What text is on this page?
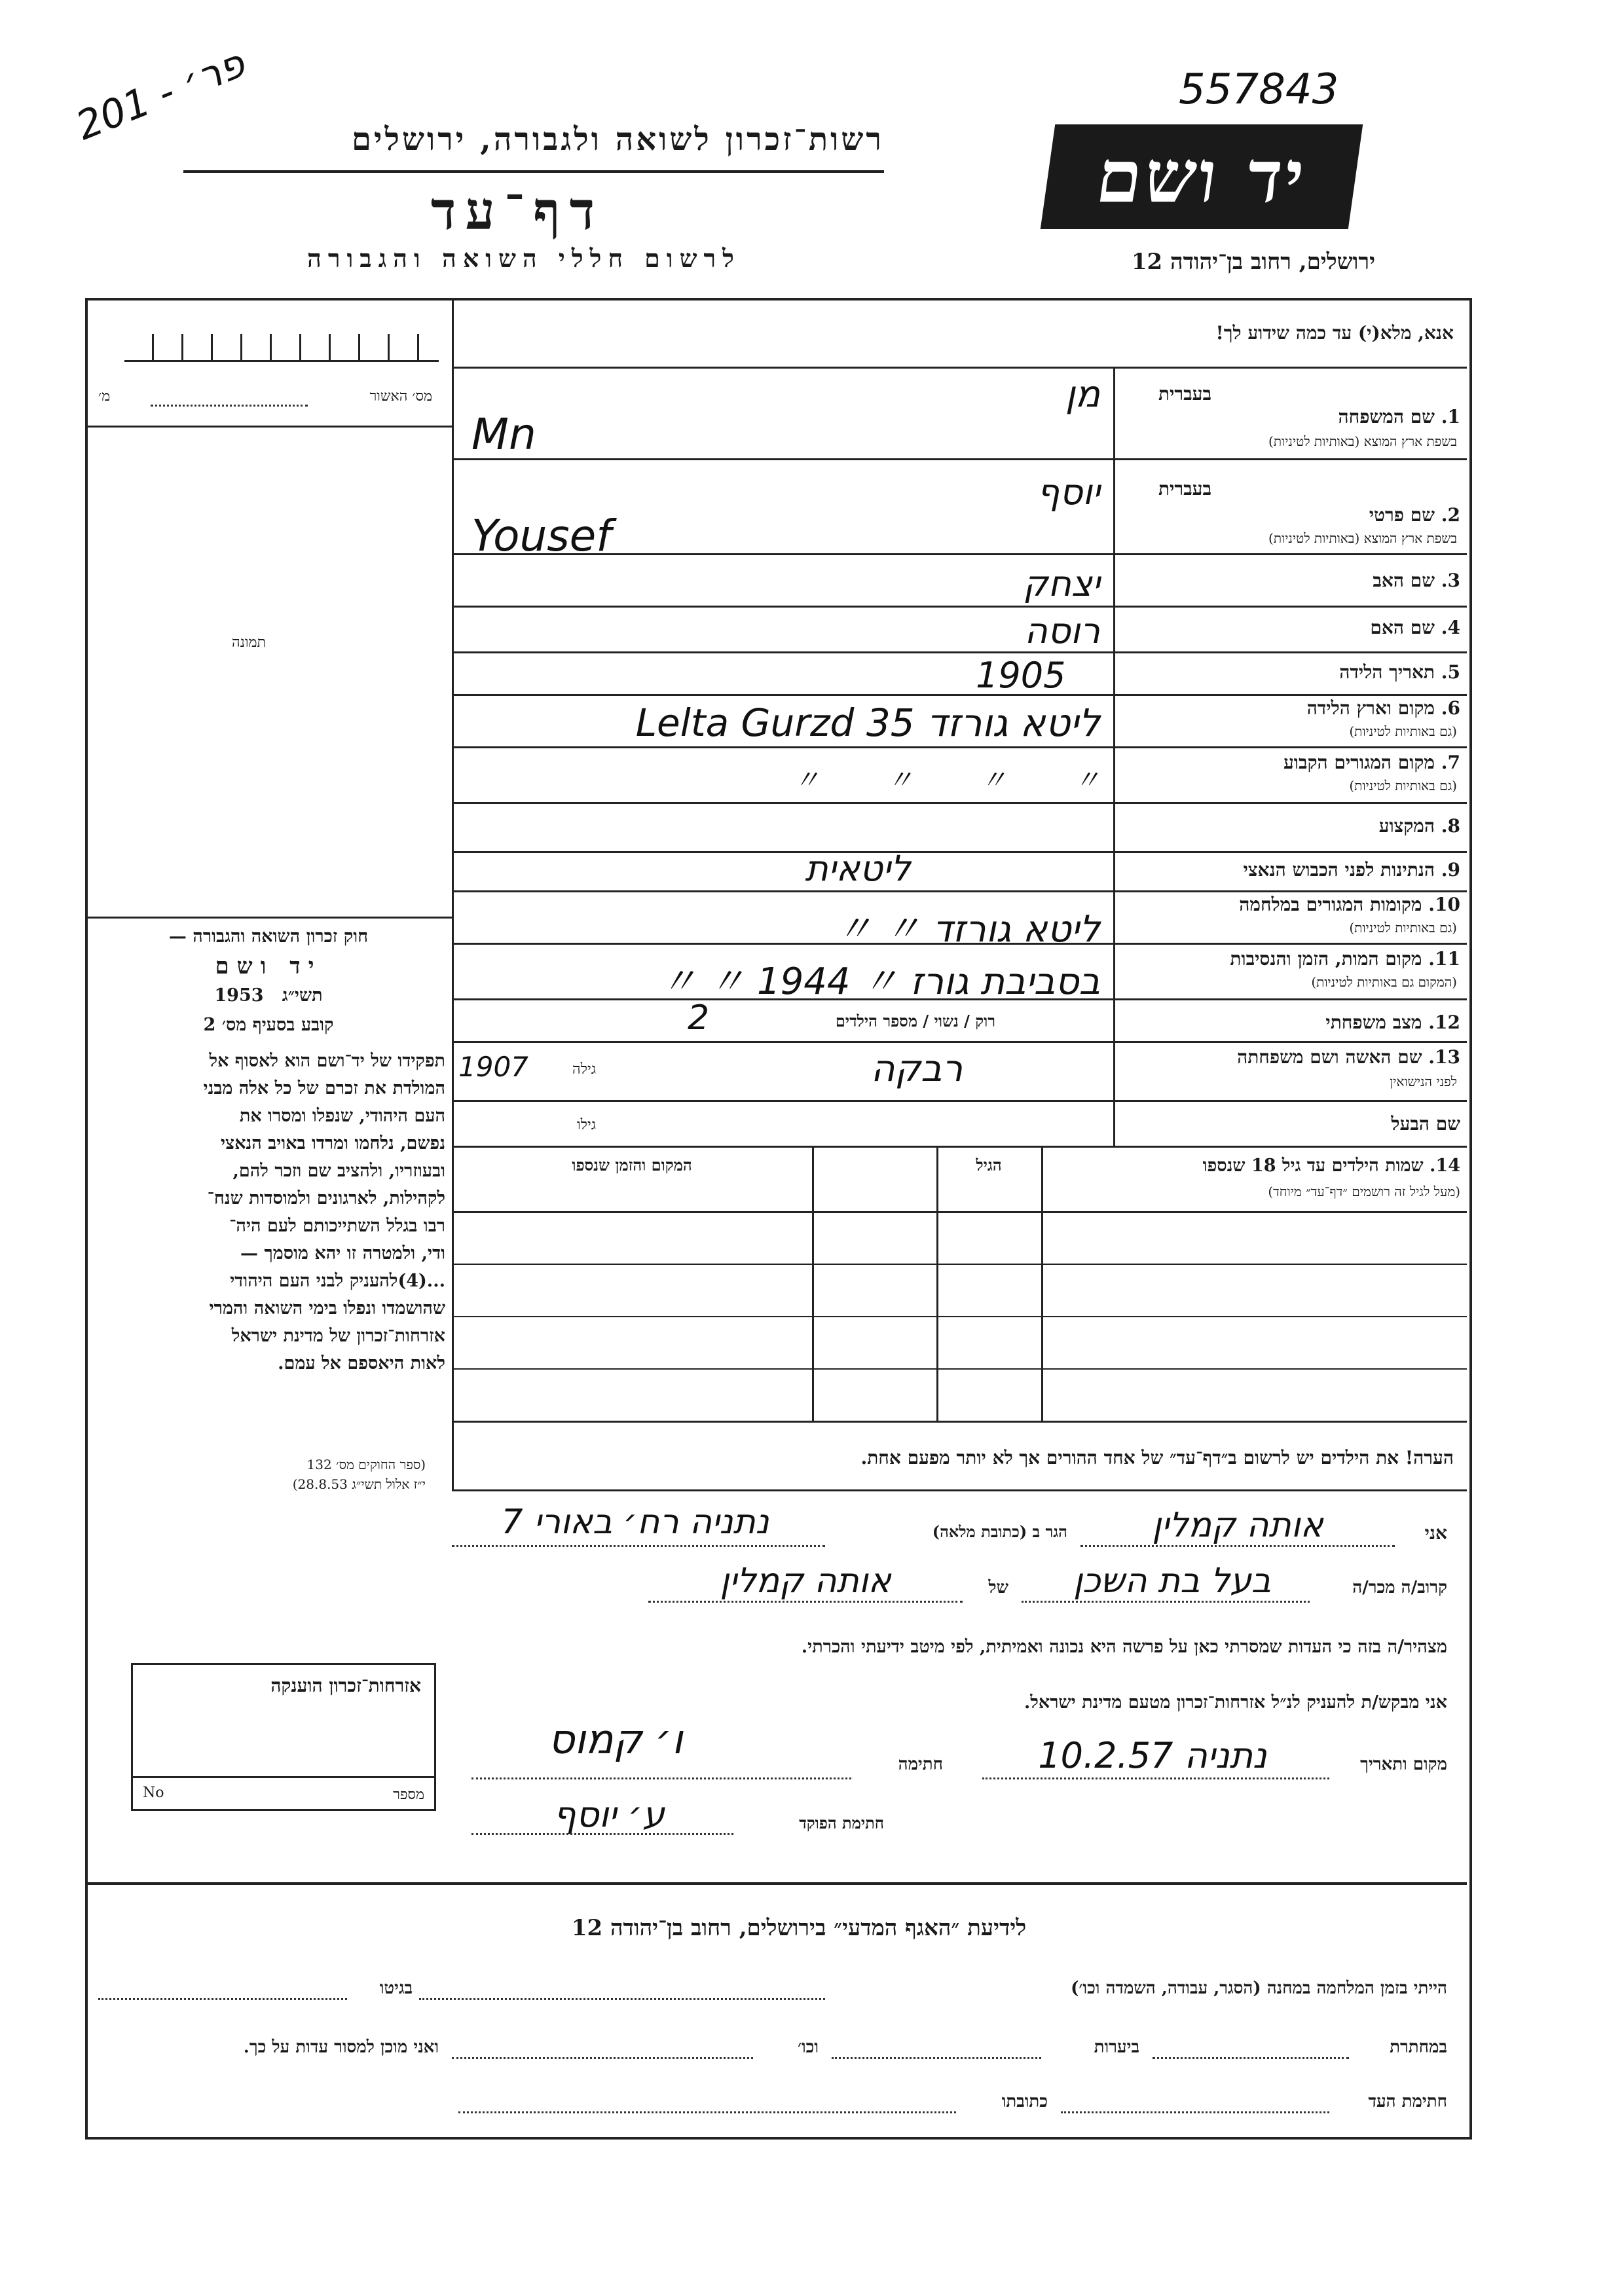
פר׳ - 201	557843
יד ושם
ירושלים, רחוב בן־יהודה 12
רשות־זכרון לשואה ולגבורה, ירושלים
דף־עד
לרשום חללי השואה והגבורה
אנא, מלא(י) עד כמה שידוע לך!
מס׳ האשור
מ׳
תמונה
חוק זכרון השואה והגבורה —
יד ושם
תשי״ג   1953
קובע בסעיף מס׳ 2
תפקידו של יד־ושם הוא לאסוף אל
המולדת את זכרם של כל אלה מבני
העם היהודי, שנפלו ומסרו את
נפשם, נלחמו ומרדו באויב הנאצי
ובעוזריו, ולהציב שם וזכר להם,
לקהילות, לארגונים ולמוסדות שנח־
רבו בגלל השתייכותם לעם היה־
ודי, ולמטרה זו יהא מוסמך —
...(4)להעניק לבני העם היהודי
שהושמדו ונפלו בימי השואה והמרי
אזרחות־זכרון של מדינת ישראל
לאות היאספם אל עמם.
(ספר החוקים מס׳ 132
י״ז אלול תשי״ג 28.8.53)
אזרחות־זכרון הוענקה
No	מספר
בעברית
1. שם המשפחה
בשפת ארץ המוצא (באותיות לטיניות)
מן
Mn
בעברית
2. שם פרטי
בשפת ארץ המוצא (באותיות לטיניות)
יוסף
Yousef
3. שם האב
יצחק
4. שם האם
רוסה
5. תאריך הלידה
1905
6. מקום וארץ הלידה
(גם באותיות לטיניות)
ליטא גורזד 35 Lelta Gurzd
7. מקום המגורים הקבוע
(גם באותיות לטיניות)
〃 〃 〃 〃
8. המקצוע
9. הנתינות לפני הכבוש הנאצי
ליטאית
10. מקומות המגורים במלחמה
(גם באותיות לטיניות)
ליטא גורזד 〃 〃
11. מקום המות, הזמן והנסיבות
(המקום גם באותיות לטיניות)
בסביבת גורז 〃 1944 〃 〃
12. מצב משפחתי
רוק / נשוי / מספר הילדים
2
13. שם האשה ושם משפחתה
לפני הנישואין
רבקה
גילה
1907
שם הבעל
גילו
14. שמות הילדים עד גיל 18 שנספו
(מעל לגיל זה רושמים ״דף־עד״ מיוחד)
הגיל
המקום והזמן שנספו
הערה! את הילדים יש לרשום ב״דף־עד״ של אחד ההורים אך לא יותר מפעם אחת.
אני
אותה קמלין
הגר ב (כתובת מלאה)
נתניה רח׳ באורי 7
קרוב/ה מכר/ה
בעל בת השכן
של
אותה קמלין
מצהיר/ה בזה כי העדות שמסרתי כאן על פרשה היא נכונה ואמיתית, לפי מיטב ידיעתי והכרתי.
אני מבקש/ת להעניק לנ״ל אזרחות־זכרון מטעם מדינת ישראל.
מקום ותאריך
נתניה 10.2.57
חתימה
ו׳ קמוס
חתימת הפוקד
ע׳ יוסף
לידיעת ״האגף המדעי״ בירושלים, רחוב בן־יהודה 12
הייתי בזמן המלחמה במחנה (הסגר, עבודה, השמדה וכו׳)
בגיטו
במחתרת
ביערות
וכו׳
ואני מוכן למסור עדות על כך.
חתימת העד
כתובתו
